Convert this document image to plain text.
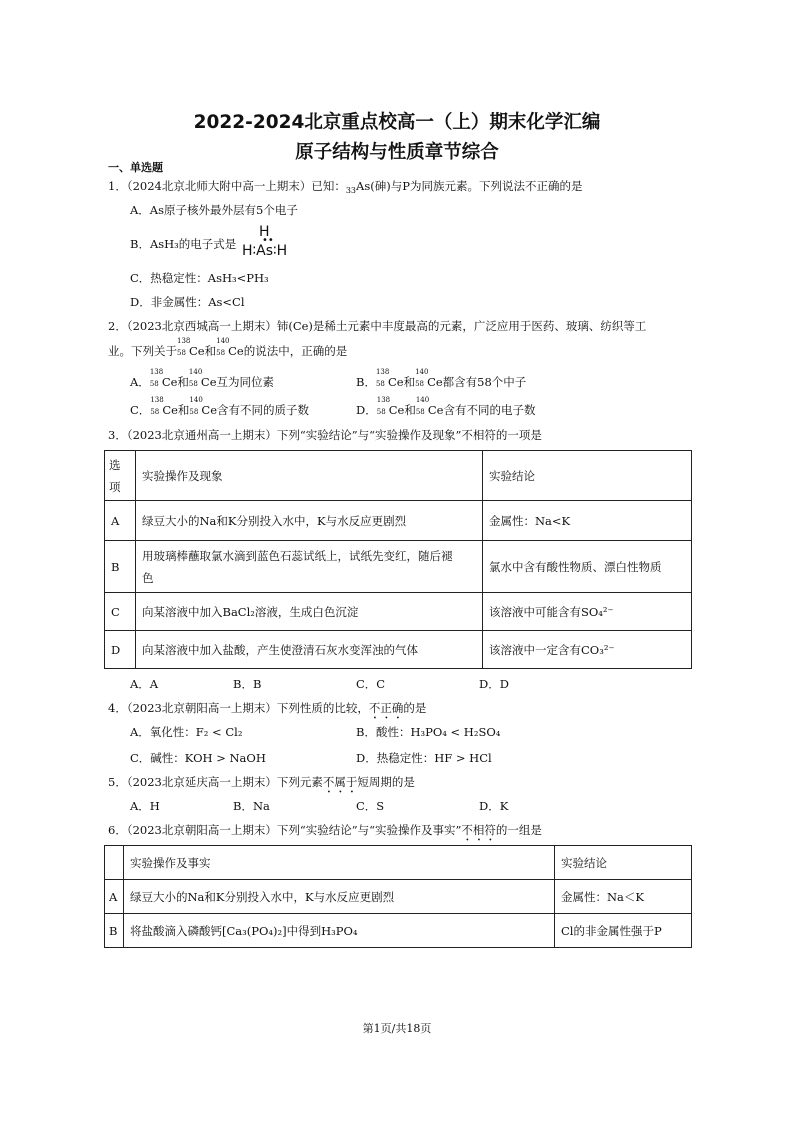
2022-2024北京重点校高一（上）期末化学汇编
原子结构与性质章节综合
一、单选题
1．（2024北京北师大附中高一上期末）已知：$_{33}$As(砷)与P为同族元素。下列说法不正确的是
A．As原子核外最外层有5个电子
B．AsH₃的电子式是
H
••
H∶As∶H
C．热稳定性：AsH₃<PH₃
D．非金属性：As<Cl
2．（2023北京西城高一上期末）铈(Ce)是稀土元素中丰度最高的元素，广泛应用于医药、玻璃、纺织等工
业。下列关于
138
58 Ce和
140
58 Ce的说法中，正确的是
A．
138
58 Ce和
140
58 Ce互为同位素	B．
138
58 Ce和
140
58 Ce都含有58个中子
C．
138
58 Ce和
140
58 Ce含有不同的质子数	D．
138
58 Ce和
140
58 Ce含有不同的电子数
3．（2023北京通州高一上期末）下列“实验结论”与“实验操作及现象”不相符的一项是
选
项	实验操作及现象	实验结论
A	绿豆大小的Na和K分别投入水中，K与水反应更剧烈	金属性：Na<K
B	用玻璃棒蘸取氯水滴到蓝色石蕊试纸上，试纸先变红，随后褪
色	氯水中含有酸性物质、漂白性物质
C	向某溶液中加入BaCl₂溶液，生成白色沉淀	该溶液中可能含有SO₄²⁻
D	向某溶液中加入盐酸，产生使澄清石灰水变浑浊的气体	该溶液中一定含有CO₃²⁻
A．A	B．B	C．C	D．D
4．（2023北京朝阳高一上期末）下列性质的比较，不正确的是
A．氧化性：F₂ < Cl₂	B．酸性：H₃PO₄ < H₂SO₄
C．碱性：KOH > NaOH	D．热稳定性：HF > HCl
5．（2023北京延庆高一上期末）下列元素不属于短周期的是
A．H	B．Na	C．S	D．K
6．（2023北京朝阳高一上期末）下列“实验结论”与“实验操作及事实”不相符的一组是
	实验操作及事实	实验结论
A	绿豆大小的Na和K分别投入水中，K与水反应更剧烈	金属性：Na＜K
B	将盐酸滴入磷酸钙[Ca₃(PO₄)₂]中得到H₃PO₄	Cl的非金属性强于P
第1页/共18页
